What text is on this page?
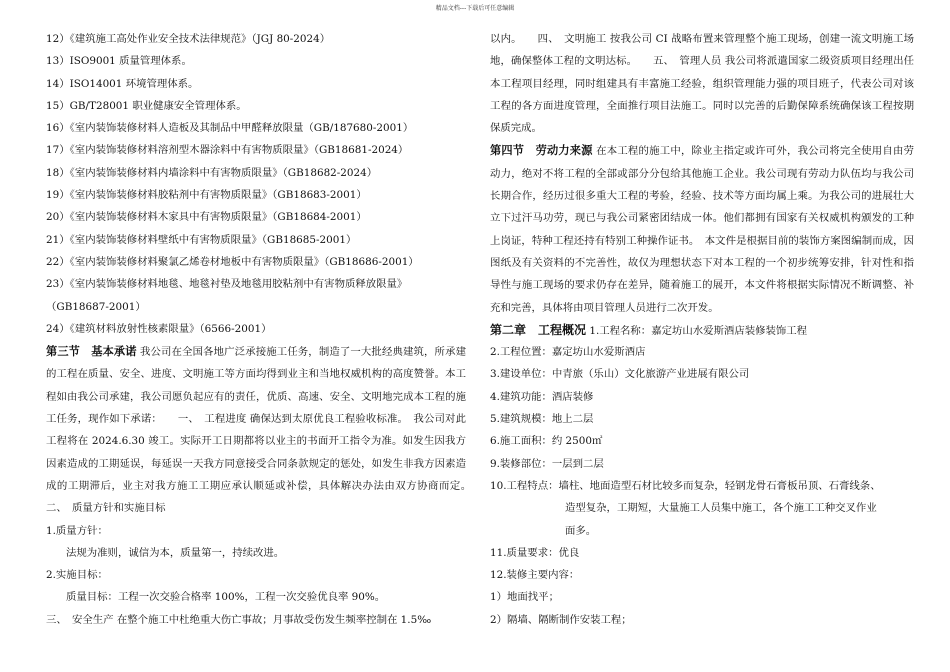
精品文档---下载后可任意编辑
12）《建筑施工高处作业安全技术法律规范》（JGJ 80-2024）
13）ISO9001 质量管理体系。
14）ISO14001 环境管理体系。
15）GB/T28001 职业健康安全管理体系。
16）《室内装饰装修材料人造板及其制品中甲醛释放限量（GB/187680-2001）
17）《室内装饰装修材料溶剂型木器涂料中有害物质限量》（GB18681-2024）
18）《室内装饰装修材料内墙涂料中有害物质限量》（GB18682-2024）
19）《室内装饰装修材料胶粘剂中有害物质限量》（GB18683-2001）
20）《室内装饰装修材料木家具中有害物质限量》（GB18684-2001）
21）《室内装饰装修材料壁纸中有害物质限量》（GB18685-2001）
22）《室内装饰装修材料聚氯乙烯卷材地板中有害物质限量》（GB18686-2001）
23）《室内装饰装修材料地毯、地毯衬垫及地毯用胶粘剂中有害物质释放限量》
（GB18687-2001）
24）《建筑材料放射性核素限量》（6566-2001）

第三节　基本承诺 我公司在全国各地广泛承接施工任务，制造了一大批经典建筑，所承建的工程在质量、安全、进度、文明施工等方面均得到业主和当地权威机构的高度赞誉。本工程如由我公司承建，我公司愿负起应有的责任，优质、高速、安全、文明地完成本工程的施工任务，现作如下承诺：　　一、　工程进度 确保达到太原优良工程验收标准。　我公司对此工程将在 2024.6.30 竣工。实际开工日期都将以业主的书面开工指令为准。如发生因我方因素造成的工期延误，每延误一天我方同意接受合同条款规定的惩处，如发生非我方因素造成的工期滞后，业主对我方施工工期应承认顺延或补偿，具体解决办法由双方协商而定。　　二、　质量方针和实施目标

1.质量方针：
法规为准则，诚信为本，质量第一，持续改进。
2.实施目标：
质量目标：工程一次交验合格率 100%，工程一次交验优良率 90%。
三、　安全生产 在整个施工中杜绝重大伤亡事故；月事故受伤发生频率控制在 1.5‰

以内。　　四、　文明施工 按我公司 CI 战略布置来管理整个施工现场，创建一流文明施工场地，确保整体工程的文明达标。　　五、　管理人员 我公司将派遣国家二级资质项目经理出任本工程项目经理，同时组建具有丰富施工经验，组织管理能力强的项目班子，代表公司对该工程的各方面进度管理，全面推行项目法施工。同时以完善的后勤保障系统确保该工程按期保质完成。

第四节　劳动力来源 在本工程的施工中，除业主指定或许可外，我公司将完全使用自由劳动力，绝对不将工程的全部或部分分包给其他施工企业。我公司现有劳动力队伍均与我公司长期合作，经历过很多重大工程的考验，经验、技术等方面均属上乘。为我公司的进展壮大立下过汗马功劳，现已与我公司紧密团结成一体。他们都拥有国家有关权威机构颁发的工种上岗证，特种工程还持有特别工种操作证书。　本文件是根据目前的装饰方案图编制而成，因图纸及有关资料的不完善性，故仅为理想状态下对本工程的一个初步统筹安排，针对性和指导性与施工现场的要求仍存在差异，随着施工的展开，本文件将根据实际情况不断调整、补充和完善，具体将由项目管理人员进行二次开发。

第二章　工程概况 1.工程名称：嘉定坊山水爱斯酒店装修装饰工程
2.工程位置：嘉定坊山水爱斯酒店
3.建设单位：中青旅（乐山）文化旅游产业进展有限公司
4.建筑功能：酒店装修
5.建筑规模：地上二层
6.施工面积：约 2500㎡
9.装修部位：一层到二层
10.工程特点：墙柱、地面造型石材比较多而复杂，轻钢龙骨石膏板吊顶、石膏线条、
造型复杂，工期短，大量施工人员集中施工，各个施工工种交叉作业
面多。
11.质量要求：优良
12.装修主要内容：
1）地面找平；
2）隔墙、隔断制作安装工程；
